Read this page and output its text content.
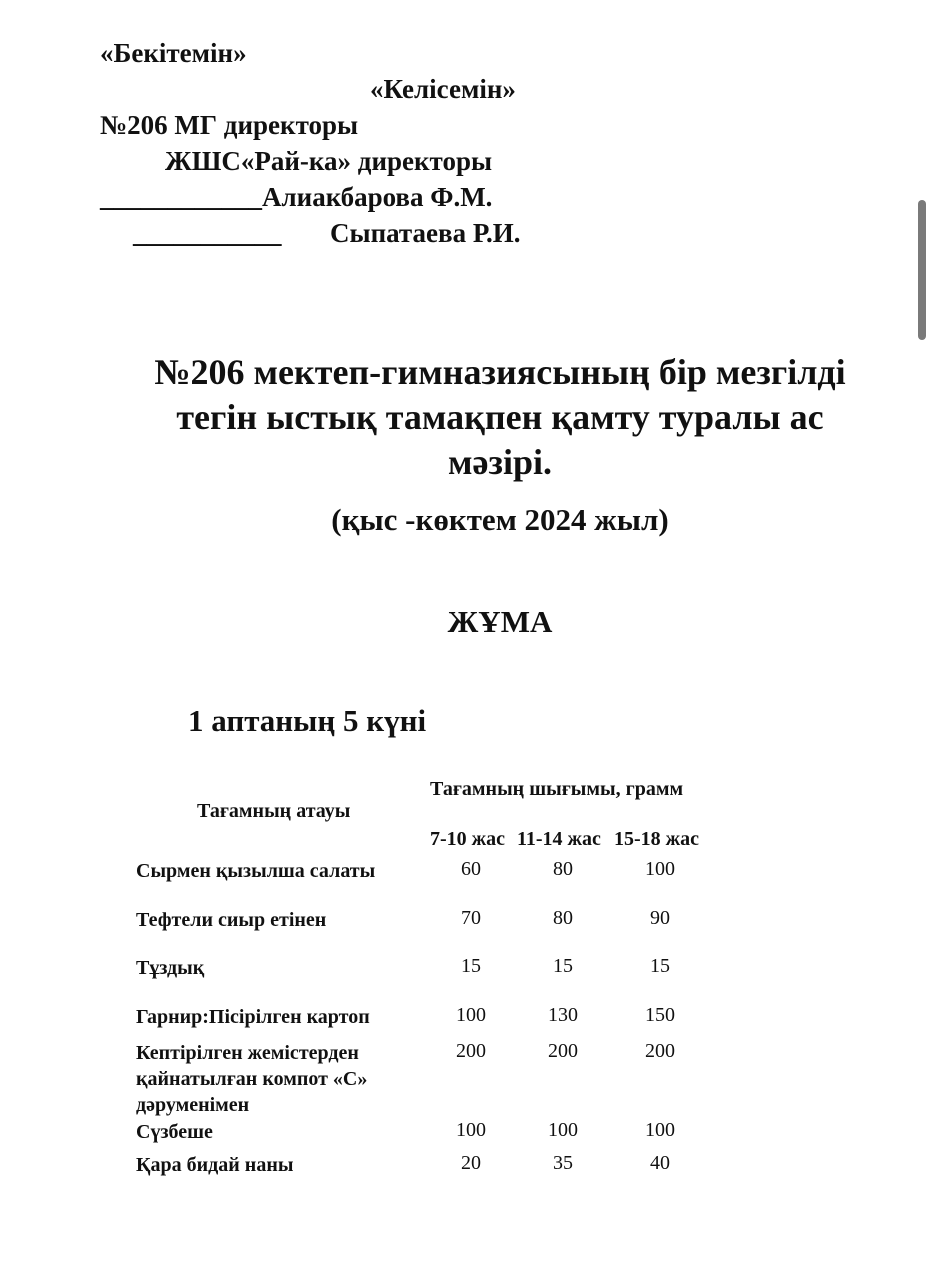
«Бекітемін»
«Келісемін»
№206 МГ директоры
ЖШС«Рай-ка» директоры
____________Алиакбарова Ф.М.
___________ Сыпатаева Р.И.
№206 мектеп-гимназиясының бір мезгілді
тегін ыстық тамақпен қамту туралы ас
мәзірі.
(қыс -көктем 2024 жыл)
ЖҰМА
1 аптаның 5 күні
Тағамның атауы
Тағамның шығымы, грамм
7-10 жас 11-14 жас 15-18 жас
Сырмен қызылша салаты	60	80	100
Тефтели сиыр етінен	70	80	90
Тұздық	15	15	15
Гарнир:Пісірілген картоп	100	130	150
Кептірілген жемістерден
қайнатылған компот «С»
дәруменімен
200	200	200
Сүзбеше	100	100	100
Қара бидай наны	20	35	40
